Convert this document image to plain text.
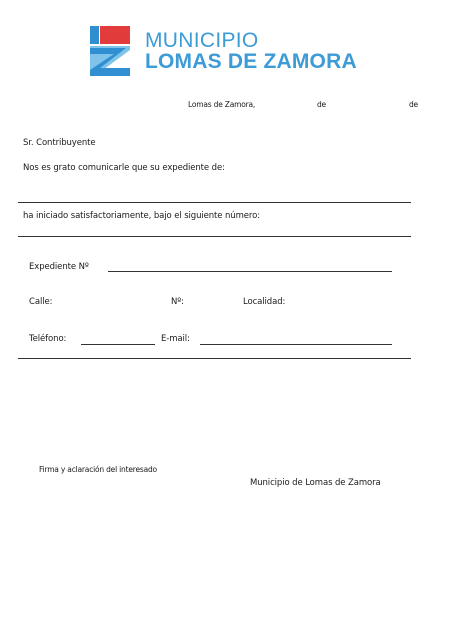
MUNICIPIO
LOMAS DE ZAMORA
Lomas de Zamora,	de	de
Sr. Contribuyente
Nos es grato comunicarle que su expediente de:
ha iniciado satisfactoriamente, bajo el siguiente número:
Expediente Nº
Calle:	Nº:	Localidad:
Teléfono:	E-mail:
Firma y aclaración del interesado
Municipio de Lomas de Zamora
